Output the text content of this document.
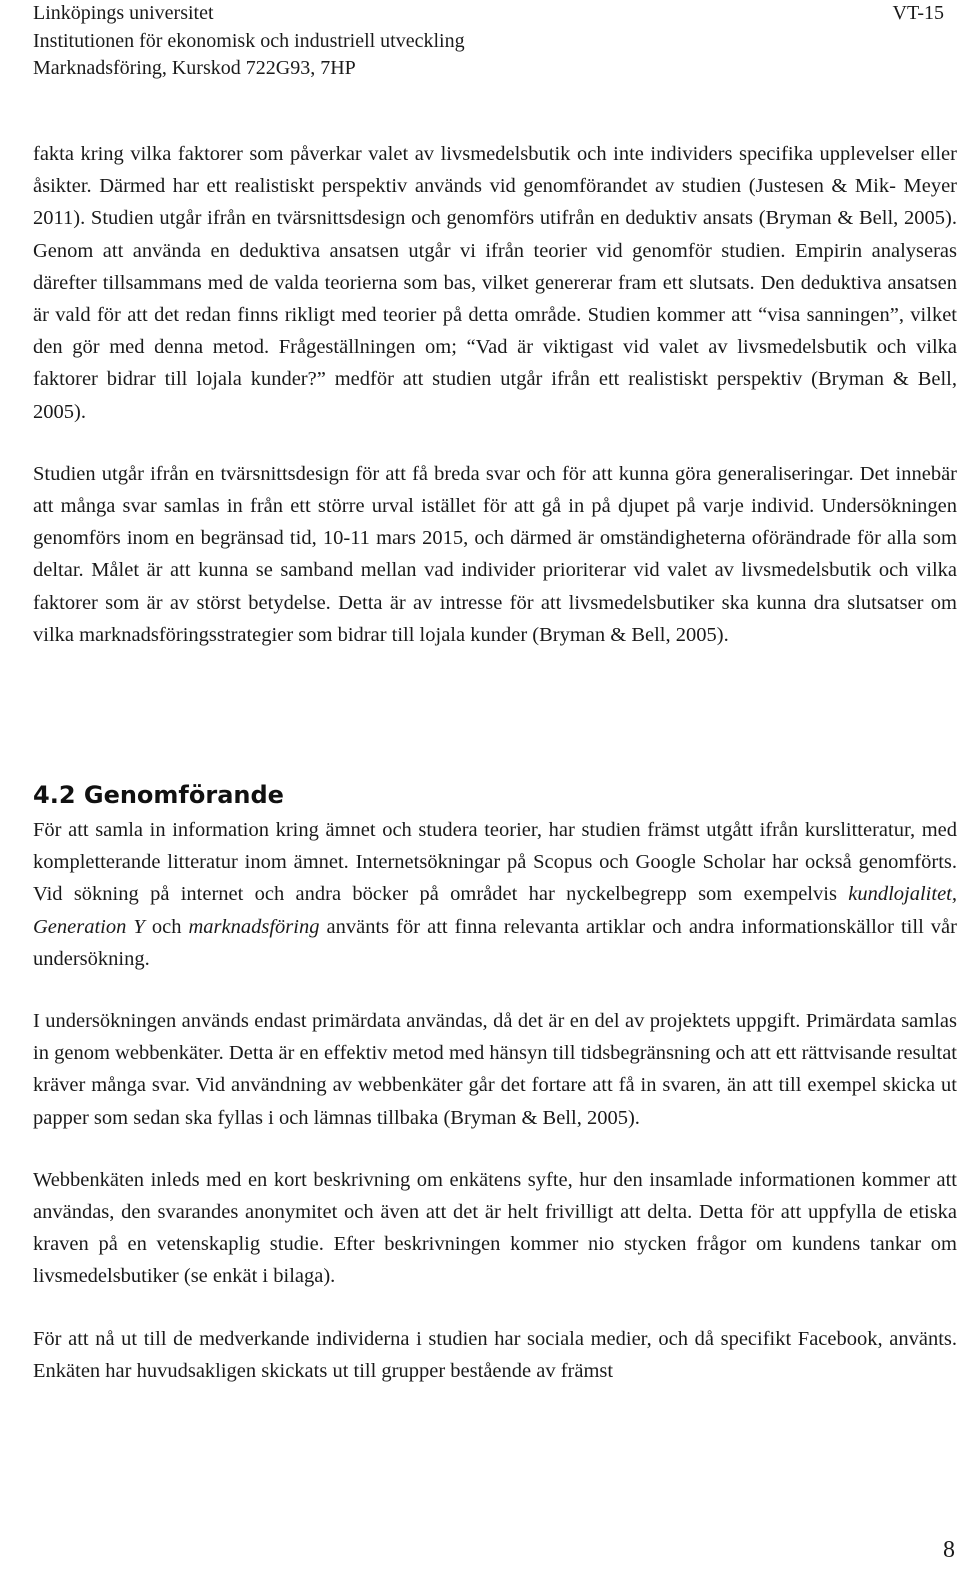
Linköpings universitet
Institutionen för ekonomisk och industriell utveckling
Marknadsföring, Kurskod 722G93, 7HP
VT-15

fakta kring vilka faktorer som påverkar valet av livsmedelsbutik och inte individers specifika upplevelser eller åsikter. Därmed har ett realistiskt perspektiv används vid genomförandet av studien (Justesen & Mik- Meyer 2011). Studien utgår ifrån en tvärsnittsdesign och genomförs utifrån en deduktiv ansats (Bryman & Bell, 2005). Genom att använda en deduktiva ansatsen utgår vi ifrån teorier vid genomför studien. Empirin analyseras därefter tillsammans med de valda teorierna som bas, vilket genererar fram ett slutsats. Den deduktiva ansatsen är vald för att det redan finns rikligt med teorier på detta område. Studien kommer att “visa sanningen”, vilket den gör med denna metod. Frågeställningen om; “Vad är viktigast vid valet av livsmedelsbutik och vilka faktorer bidrar till lojala kunder?” medför att studien utgår ifrån ett realistiskt perspektiv (Bryman & Bell, 2005).

Studien utgår ifrån en tvärsnittsdesign för att få breda svar och för att kunna göra generaliseringar. Det innebär att många svar samlas in från ett större urval istället för att gå in på djupet på varje individ. Undersökningen genomförs inom en begränsad tid, 10-11 mars 2015, och därmed är omständigheterna oförändrade för alla som deltar. Målet är att kunna se samband mellan vad individer prioriterar vid valet av livsmedelsbutik och vilka faktorer som är av störst betydelse. Detta är av intresse för att livsmedelsbutiker ska kunna dra slutsatser om vilka marknadsföringsstrategier som bidrar till lojala kunder (Bryman & Bell, 2005).

4.2 Genomförande

För att samla in information kring ämnet och studera teorier, har studien främst utgått ifrån kurslitteratur, med kompletterande litteratur inom ämnet. Internetsökningar på Scopus och Google Scholar har också genomförts. Vid sökning på internet och andra böcker på området har nyckelbegrepp som exempelvis kundlojalitet, Generation Y och marknadsföring använts för att finna relevanta artiklar och andra informationskällor till vår undersökning.

I undersökningen används endast primärdata användas, då det är en del av projektets uppgift. Primärdata samlas in genom webbenkäter. Detta är en effektiv metod med hänsyn till tidsbegränsning och att ett rättvisande resultat kräver många svar. Vid användning av webbenkäter går det fortare att få in svaren, än att till exempel skicka ut papper som sedan ska fyllas i och lämnas tillbaka (Bryman & Bell, 2005).

Webbenkäten inleds med en kort beskrivning om enkätens syfte, hur den insamlade informationen kommer att användas, den svarandes anonymitet och även att det är helt frivilligt att delta. Detta för att uppfylla de etiska kraven på en vetenskaplig studie. Efter beskrivningen kommer nio stycken frågor om kundens tankar om livsmedelsbutiker (se enkät i bilaga).

För att nå ut till de medverkande individerna i studien har sociala medier, och då specifikt Facebook, använts. Enkäten har huvudsakligen skickats ut till grupper bestående av främst

8
